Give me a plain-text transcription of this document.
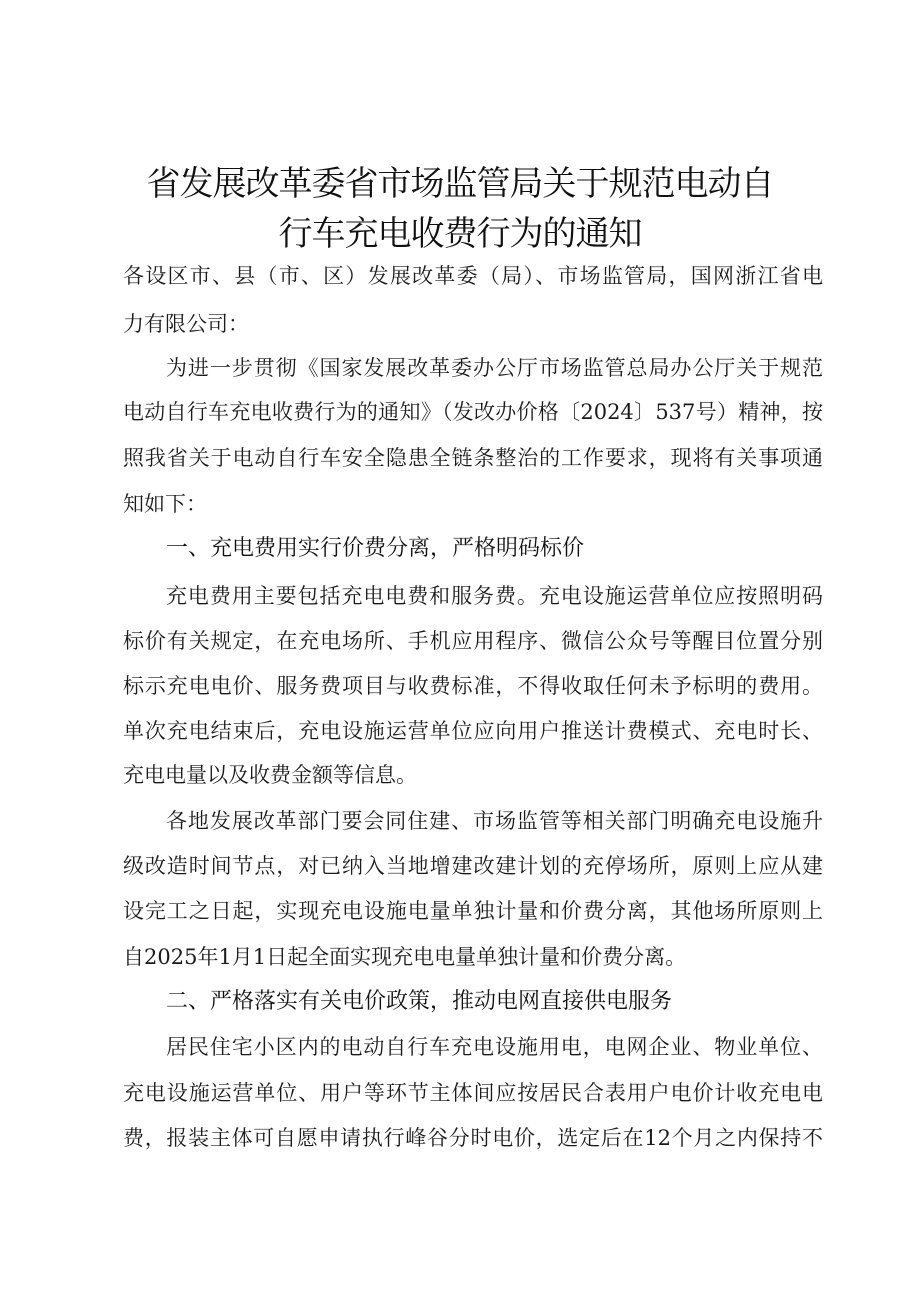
省发展改革委省市场监管局关于规范电动自
行车充电收费行为的通知
各设区市、县（市、区）发展改革委（局）、市场监管局，国网浙江省电
力有限公司：
为进一步贯彻《国家发展改革委办公厅市场监管总局办公厅关于规范
电动自行车充电收费行为的通知》（发改办价格〔2024〕537号）精神，按
照我省关于电动自行车安全隐患全链条整治的工作要求，现将有关事项通
知如下：
一、充电费用实行价费分离，严格明码标价
充电费用主要包括充电电费和服务费。充电设施运营单位应按照明码
标价有关规定，在充电场所、手机应用程序、微信公众号等醒目位置分别
标示充电电价、服务费项目与收费标准，不得收取任何未予标明的费用。
单次充电结束后，充电设施运营单位应向用户推送计费模式、充电时长、
充电电量以及收费金额等信息。
各地发展改革部门要会同住建、市场监管等相关部门明确充电设施升
级改造时间节点，对已纳入当地增建改建计划的充停场所，原则上应从建
设完工之日起，实现充电设施电量单独计量和价费分离，其他场所原则上
自2025年1月1日起全面实现充电电量单独计量和价费分离。
二、严格落实有关电价政策，推动电网直接供电服务
居民住宅小区内的电动自行车充电设施用电，电网企业、物业单位、
充电设施运营单位、用户等环节主体间应按居民合表用户电价计收充电电
费，报装主体可自愿申请执行峰谷分时电价，选定后在12个月之内保持不
